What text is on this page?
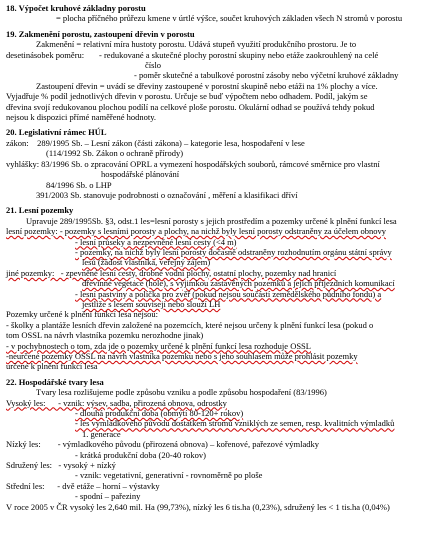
18. Výpočet kruhové základny porostu
= plocha příčného průřezu kmene v úrtlé výšce, součet kruhových základen všech N stromů v porostu
19. Zakmenění porostu, zastoupení dřevin v porostu
Zakmenění = relativní míra hustoty porostu. Udává stupeň využití produkčního prostoru. Je to
desetinásobek poměru:       - redukované a skutečné plochy porostní skupiny nebo etáže zaokrouhlený na celé
číslo
- poměr skutečné a tabulkové porostní zásoby nebo výčetní kruhové základny
Zastoupení dřevin = uvádí se dřeviny zastoupené v porostní skupině nebo etáži na 1% plochy a více.
Vyjadřuje % podíl jednotlivých dřevin v porostu. Určuje se buď výpočtem nebo odhadem. Podíl, jakým se
dřevina svojí redukovanou plochou podílí na celkové ploše porostu. Okulární odhad se používá tehdy pokud
nejsou k dispozici přímé naměřené hodnoty.
20. Legislativní rámec HÚL
zákon:    289/1995 Sb. – Lesní zákon (části zákona) – kategorie lesa, hospodaření v lese
(114/1992 Sb. Zákon o ochraně přírody)
vyhlášky: 83/1996 Sb. o zpracování OPRL a vymezení hospodářských souborů, rámcové směrnice pro vlastní
hospodářské plánování
84/1996 Sb. o LHP
391/2003 Sb. stanovuje podrobnosti o označování , měření a klasifikaci dříví
21. Lesní pozemky
Upravuje 289/1995Sb. §3, odst.1 les=lesní porosty s jejich prostředím a pozemky určené k plnění funkcí lesa
lesní pozemky: - pozemky s lesními porosty a plochy, na nichž byly lesní porosty odstraněny za účelem obnovy
- lesní průseky a nezpevněné lesní cesty (<4 m)
- pozemky, na nichž byly lesní porosty dočasně odstraněny rozhodnutím orgánu státní správy
lesů (žádost vlastníka, veřejný zájem)
jiné pozemky:   - zpevněné lesní cesty, drobné vodní plochy, ostatní plochy, pozemky nad hranicí
dřevinné vegetace (hole), s výjimkou zastavěných pozemků a jejich příjezdních komunikací
- lesní pastviny a políčka pro zvěř (pokud nejsou součástí zemědělského půdního fondu) a
jestliže s lesem souvisejí nebo slouží LH
Pozemky určené k plnění funkcí lesa nejsou:
- školky a plantáže lesních dřevin založené na pozemcích, které nejsou určeny k plnění funkcí lesa (pokud o
tom OSSL na návrh vlastníka pozemku nerozhodne jinak)
- v pochybnostech o tom, zda jde o pozemky určené k plnění funkcí lesa rozhoduje OSSL
-neurčené pozemky OSSL na návrh vlastníka pozemku nebo s jeho souhlasem může prohlásit pozemky
určené k plnění funkcí lesa
22. Hospodářské tvary lesa
Tvary lesa rozlišujeme podle způsobu vzniku a podle způsobu hospodaření (83/1996)
Vysoký les:      - vznik: výsev, sadba, přirozená obnova, odrostky
- dlouhá produkční doba (obmýtí 80-120+ rokov)
- les vymládkového původu dostatkem stromů vzniklých ze semen, resp. kvalitních výmladků
1. generace
Nízký les:        - výmladkového původu (přirozená obnova) – kořenové, pařezové výmladky
- krátká produkční doba (20-40 rokov)
Sdružený les:   - vysoký + nízký
- vznik: vegetativní, generativní - rovnoměrně po ploše
Střední les:      - dvě etáže – horní – výstavky
- spodní – pařeziny
V roce 2005 v ČR vysoký les 2,640 mil. Ha (99,73%), nízký les 6 tis.ha (0,23%), sdružený les < 1 tis.ha (0,04%)
